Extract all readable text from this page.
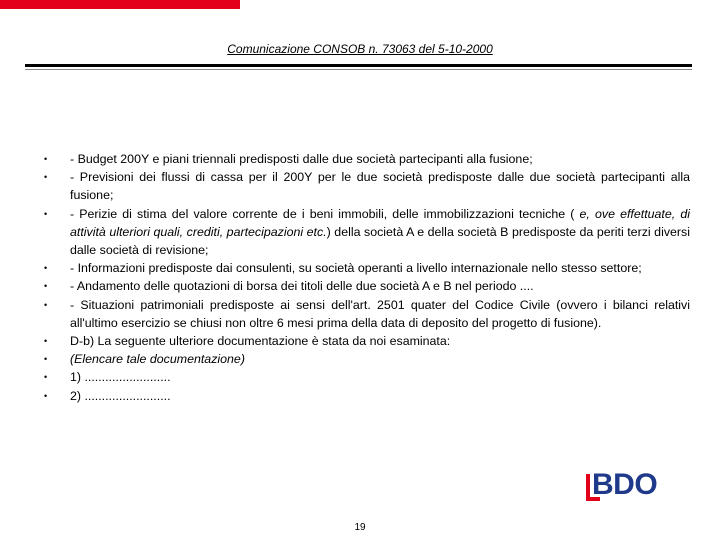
Comunicazione CONSOB n. 73063 del 5-10-2000
• - Budget 200Y e piani triennali predisposti dalle due società partecipanti alla fusione;
• - Previsioni dei flussi di cassa per il 200Y per le due società predisposte dalle due società partecipanti alla fusione;
• - Perizie di stima del valore corrente de i beni immobili, delle immobilizzazioni tecniche ( e, ove effettuate, di attività ulteriori quali, crediti, partecipazioni etc.) della società A e della società B predisposte da periti terzi diversi dalle società di revisione;
• - Informazioni predisposte dai consulenti, su società operanti a livello internazionale nello stesso settore;
• - Andamento delle quotazioni di borsa dei titoli delle due società A e B nel periodo ....
• - Situazioni patrimoniali predisposte ai sensi dell'art. 2501 quater del Codice Civile (ovvero i bilanci relativi all'ultimo esercizio se chiusi non oltre 6 mesi prima della data di deposito del progetto di fusione).
• D-b) La seguente ulteriore documentazione è stata da noi esaminata:
• (Elencare tale documentazione)
• 1) .........................
• 2) .........................
BDO
19
